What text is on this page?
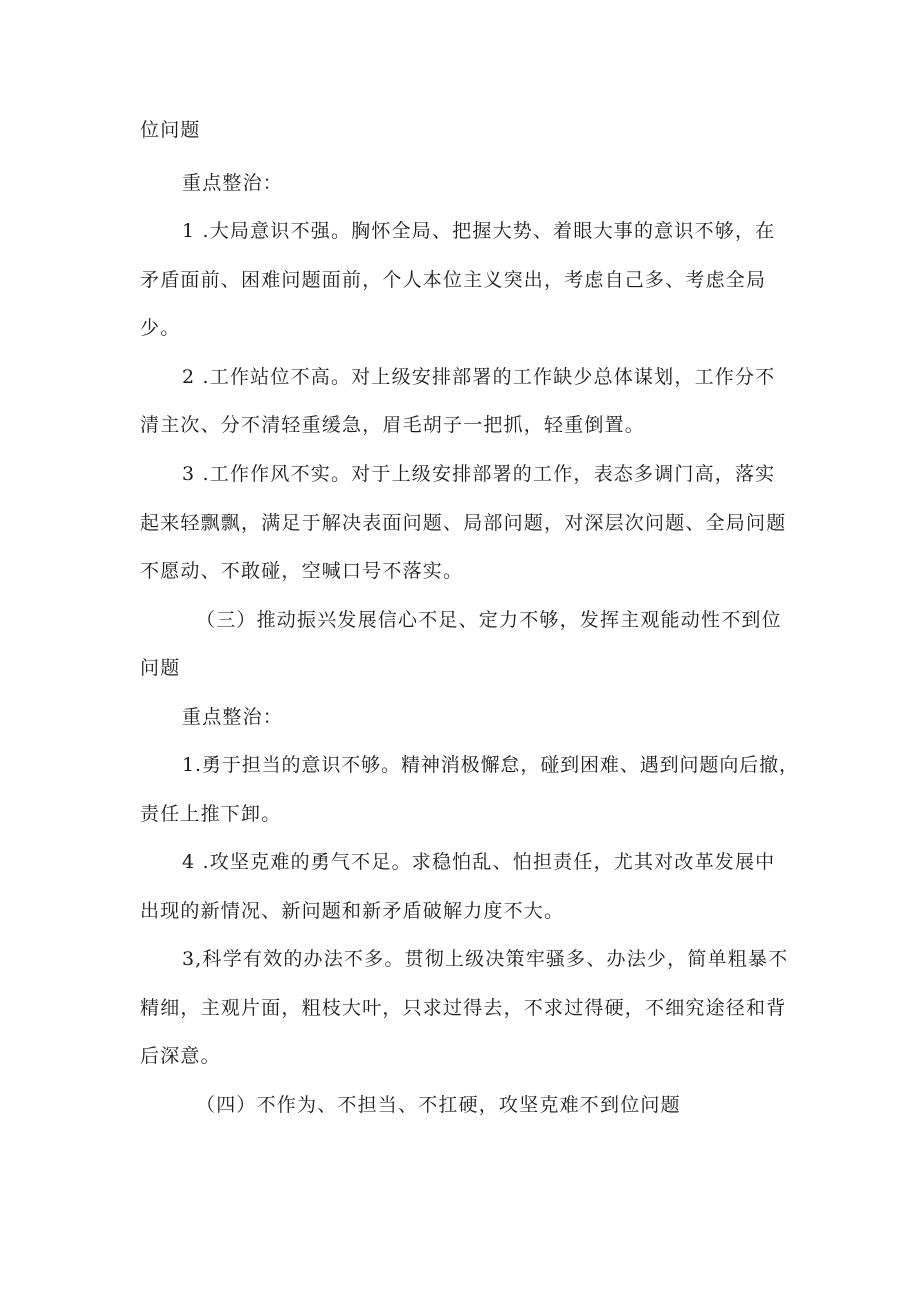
位问题
重点整治：
1 .大局意识不强。胸怀全局、把握大势、着眼大事的意识不够，在
矛盾面前、困难问题面前，个人本位主义突出，考虑自己多、考虑全局
少。
2 .工作站位不高。对上级安排部署的工作缺少总体谋划，工作分不
清主次、分不清轻重缓急，眉毛胡子一把抓，轻重倒置。
3 .工作作风不实。对于上级安排部署的工作，表态多调门高，落实
起来轻飘飘，满足于解决表面问题、局部问题，对深层次问题、全局问题
不愿动、不敢碰，空喊口号不落实。
（三）推动振兴发展信心不足、定力不够，发挥主观能动性不到位
问题
重点整治：
1.勇于担当的意识不够。精神消极懈怠，碰到困难、遇到问题向后撤，
责任上推下卸。
4 .攻坚克难的勇气不足。求稳怕乱、怕担责任，尤其对改革发展中
出现的新情况、新问题和新矛盾破解力度不大。
3,科学有效的办法不多。贯彻上级决策牢骚多、办法少，简单粗暴不
精细，主观片面，粗枝大叶，只求过得去，不求过得硬，不细究途径和背
后深意。
（四）不作为、不担当、不扛硬，攻坚克难不到位问题
